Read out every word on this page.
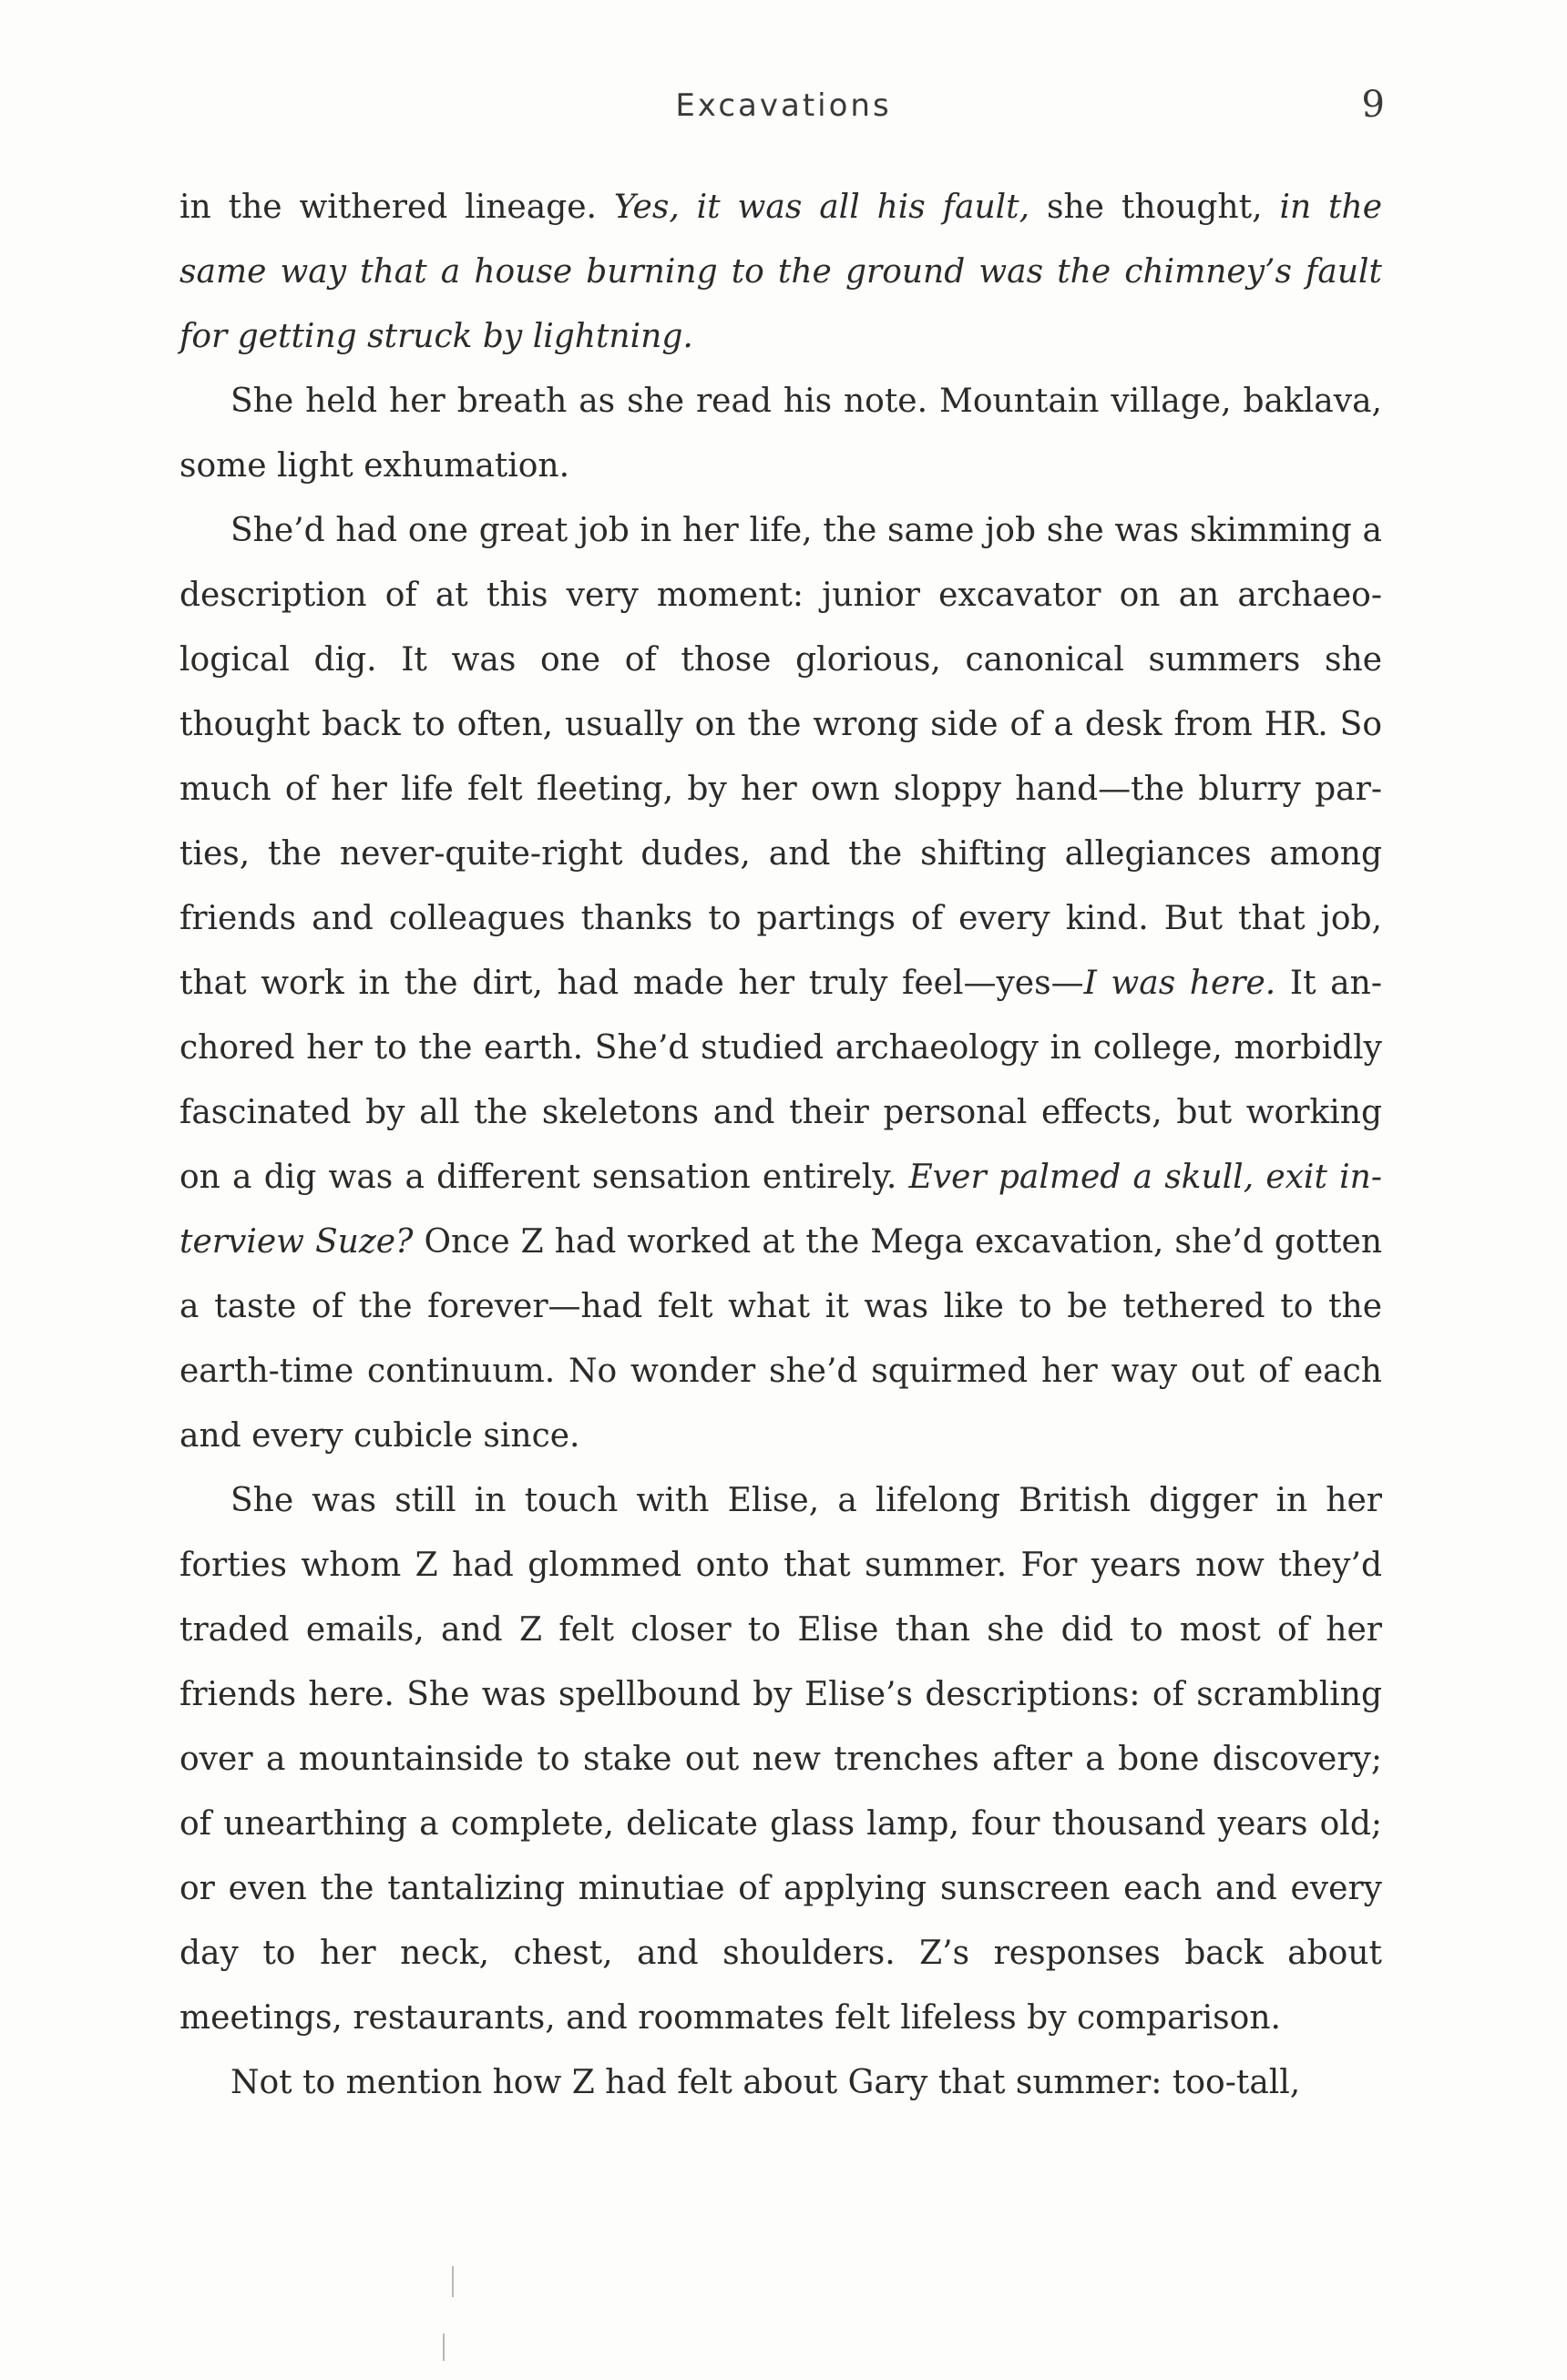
Excavations	9

in the withered lineage. Yes, it was all his fault, she thought, in the same way that a house burning to the ground was the chimney’s fault for getting struck by lightning.

She held her breath as she read his note. Mountain village, baklava, some light exhumation.

She’d had one great job in her life, the same job she was skimming a description of at this very moment: junior excavator on an archaeological dig. It was one of those glorious, canonical summers she thought back to often, usually on the wrong side of a desk from HR. So much of her life felt fleeting, by her own sloppy hand—the blurry parties, the never-quite-right dudes, and the shifting allegiances among friends and colleagues thanks to partings of every kind. But that job, that work in the dirt, had made her truly feel—yes—I was here. It anchored her to the earth. She’d studied archaeology in college, morbidly fascinated by all the skeletons and their personal effects, but working on a dig was a different sensation entirely. Ever palmed a skull, exit interview Suze? Once Z had worked at the Mega excavation, she’d gotten a taste of the forever—had felt what it was like to be tethered to the earth-time continuum. No wonder she’d squirmed her way out of each and every cubicle since.

She was still in touch with Elise, a lifelong British digger in her forties whom Z had glommed onto that summer. For years now they’d traded emails, and Z felt closer to Elise than she did to most of her friends here. She was spellbound by Elise’s descriptions: of scrambling over a mountainside to stake out new trenches after a bone discovery; of unearthing a complete, delicate glass lamp, four thousand years old; or even the tantalizing minutiae of applying sunscreen each and every day to her neck, chest, and shoulders. Z’s responses back about meetings, restaurants, and roommates felt lifeless by comparison.

Not to mention how Z had felt about Gary that summer: too-tall,
